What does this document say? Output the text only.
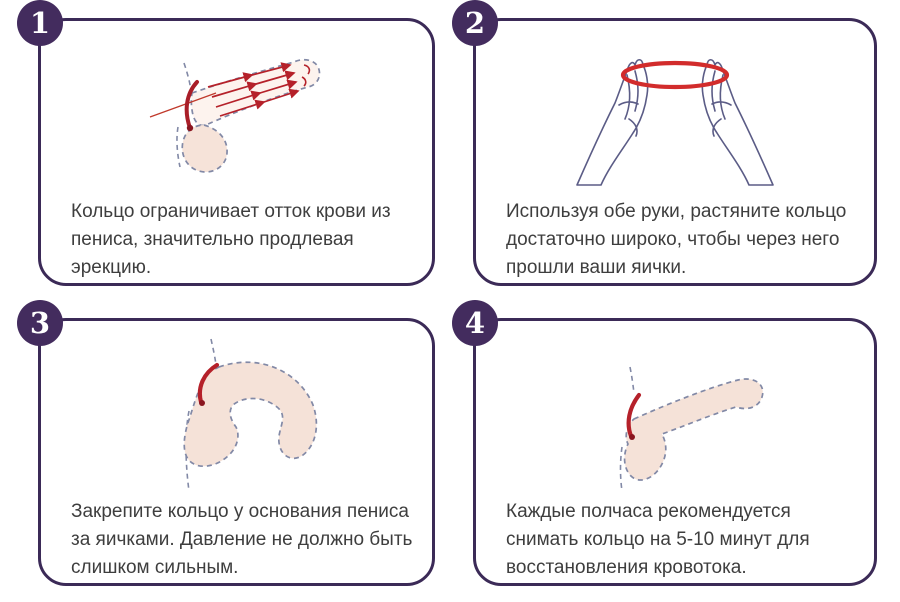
1
Кольцо ограничивает отток крови из пениса, значительно продлевая эрекцию.
2
Используя обе руки, растяните кольцо достаточно широко, чтобы через него прошли ваши яички.
3
Закрепите кольцо у основания пениса за яичками. Давление не должно быть слишком сильным.
4
Каждые полчаса рекомендуется снимать кольцо на 5-10 минут для восстановления кровотока.
